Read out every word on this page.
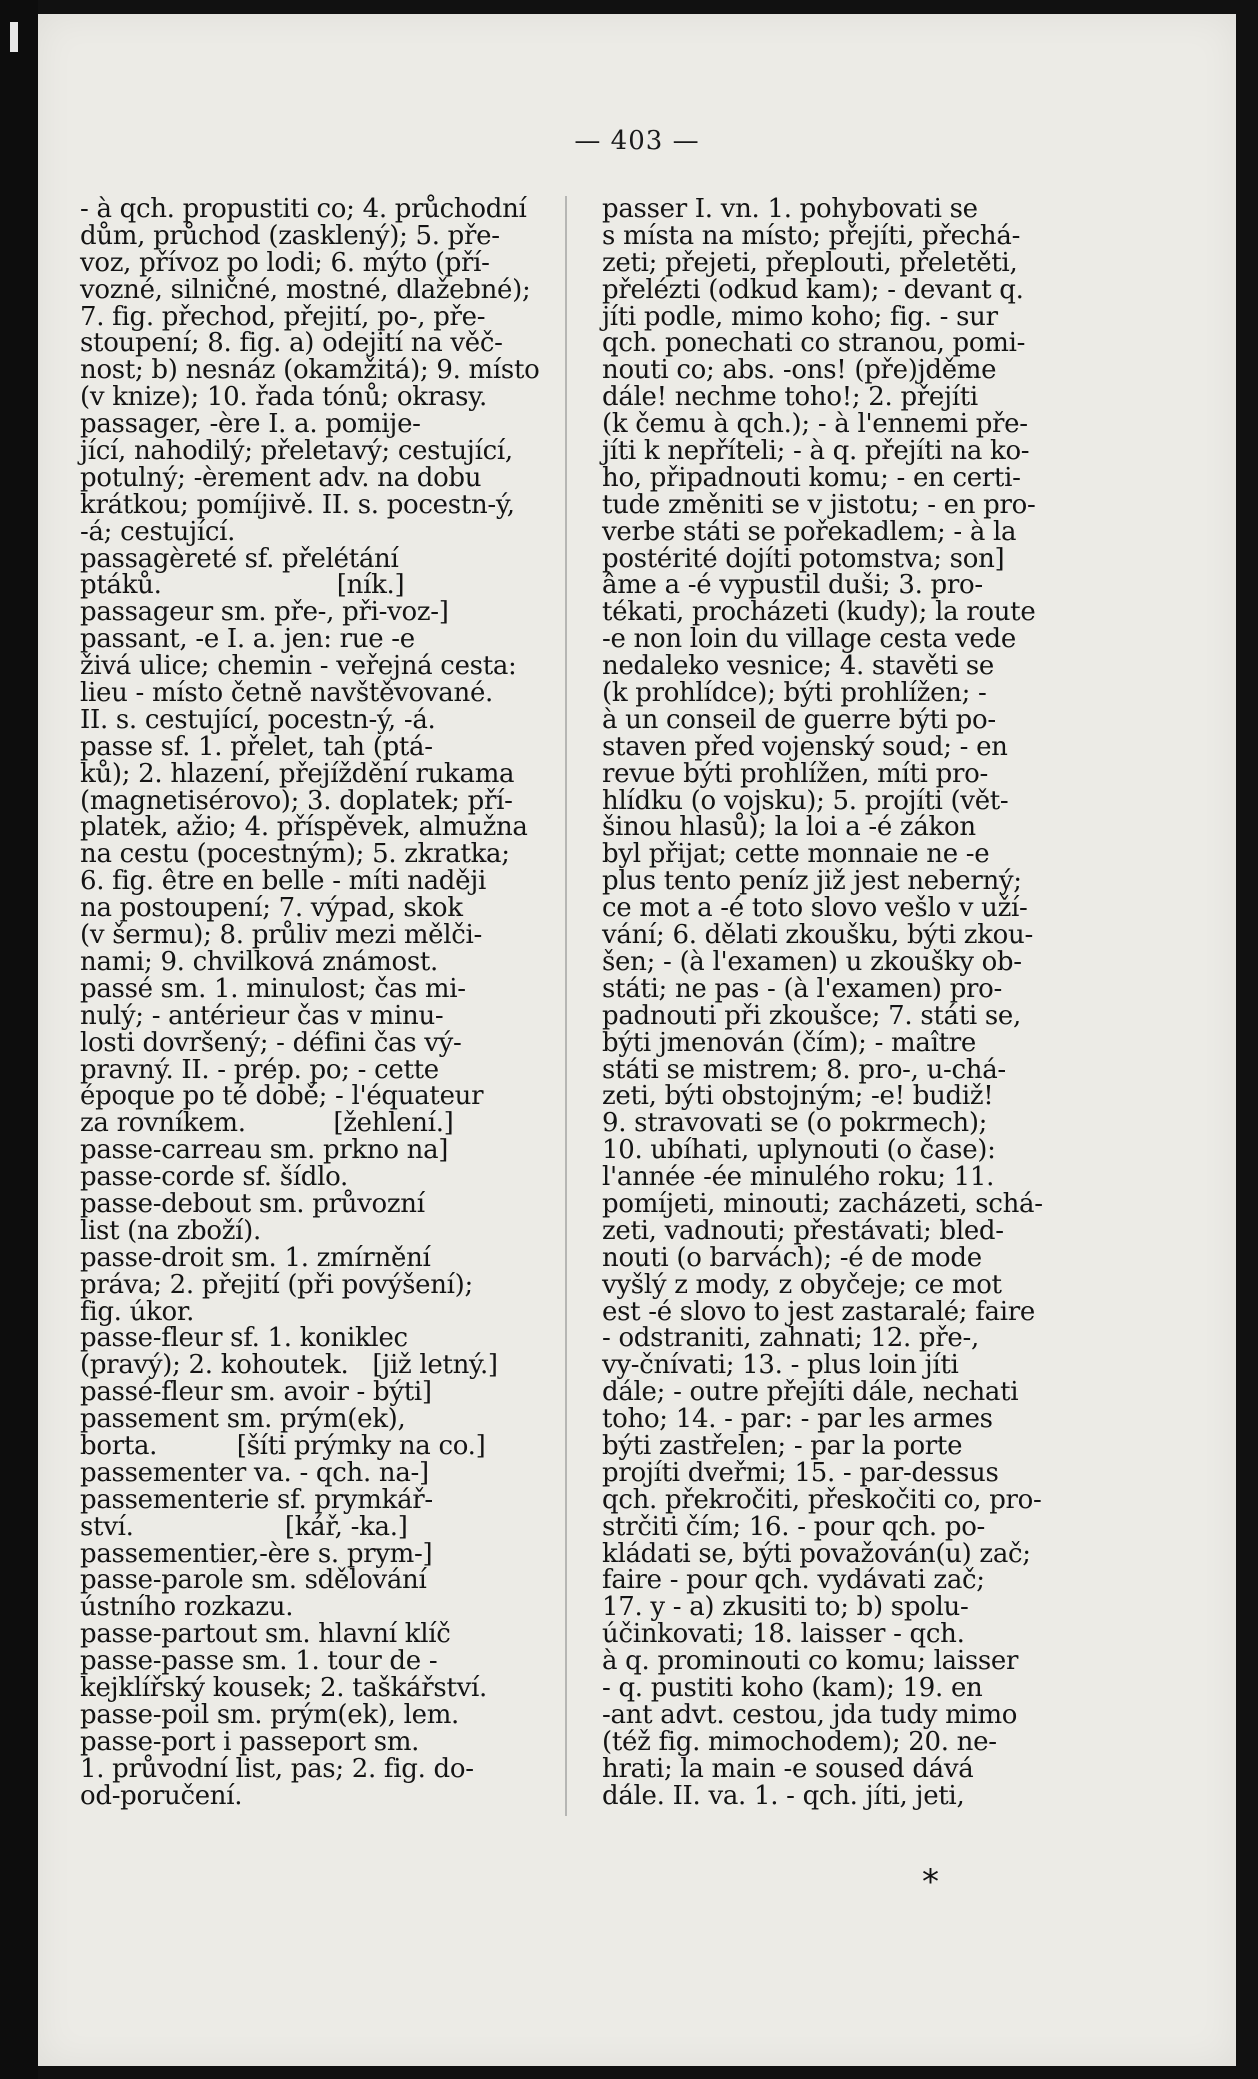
— 403 —
- à qch. propustiti co; 4. průchodní
dům, průchod (zasklený); 5. pře-
voz, přívoz po lodi; 6. mýto (pří-
vozné, silničné, mostné, dlažebné);
7. fig. přechod, přejití, po-, pře-
stoupení; 8. fig. a) odejití na věč-
nost; b) nesnáz (okamžitá); 9. místo
(v knize); 10. řada tónů; okrasy.
passager, -ère I. a. pomije-
jící, nahodilý; přeletavý; cestující,
potulný; -èrement adv. na dobu
krátkou; pomíjivě. II. s. pocestn-ý,
-á; cestující.
passagèreté sf. přelétání
ptáků.                      [ník.]
passageur sm. pře-, při-voz-]
passant, -e I. a. jen: rue -e
živá ulice; chemin - veřejná cesta:
lieu - místo četně navštěvované.
II. s. cestující, pocestn-ý, -á.
passe sf. 1. přelet, tah (ptá-
ků); 2. hlazení, přejíždění rukama
(magnetisérovo); 3. doplatek; pří-
platek, ažio; 4. příspěvek, almužna
na cestu (pocestným); 5. zkratka;
6. fig. être en belle - míti naději
na postoupení; 7. výpad, skok
(v šermu); 8. průliv mezi mělči-
nami; 9. chvilková známost.
passé sm. 1. minulost; čas mi-
nulý; - antérieur čas v minu-
losti dovršený; - défini čas vý-
pravný. II. - prép. po; - cette
époque po té době; - l'équateur
za rovníkem.           [žehlení.]
passe-carreau sm. prkno na]
passe-corde sf. šídlo.
passe-debout sm. průvozní
list (na zboží).
passe-droit sm. 1. zmírnění
práva; 2. přejití (při povýšení);
fig. úkor.
passe-fleur sf. 1. koniklec
(pravý); 2. kohoutek.   [již letný.]
passé-fleur sm. avoir - býti]
passement sm. prým(ek),
borta.          [šíti prýmky na co.]
passementer va. - qch. na-]
passementerie sf. prymkář-
ství.                   [kář, -ka.]
passementier,-ère s. prym-]
passe-parole sm. sdělování
ústního rozkazu.
passe-partout sm. hlavní klíč
passe-passe sm. 1. tour de -
kejklířský kousek; 2. taškářství.
passe-poil sm. prým(ek), lem.
passe-port i passeport sm.
1. průvodní list, pas; 2. fig. do-
od-poručení.
passer I. vn. 1. pohybovati se
s místa na místo; přejíti, přechá-
zeti; přejeti, přeplouti, přeletěti,
přelézti (odkud kam); - devant q.
jíti podle, mimo koho; fig. - sur
qch. ponechati co stranou, pomi-
nouti co; abs. -ons! (pře)jděme
dále! nechme toho!; 2. přejíti
(k čemu à qch.); - à l'ennemi pře-
jíti k nepříteli; - à q. přejíti na ko-
ho, připadnouti komu; - en certi-
tude změniti se v jistotu; - en pro-
verbe státi se pořekadlem; - à la
postérité dojíti potomstva; son]
âme a -é vypustil duši; 3. pro-
tékati, procházeti (kudy); la route
-e non loin du village cesta vede
nedaleko vesnice; 4. stavěti se
(k prohlídce); býti prohlížen; -
à un conseil de guerre býti po-
staven před vojenský soud; - en
revue býti prohlížen, míti pro-
hlídku (o vojsku); 5. projíti (vět-
šinou hlasů); la loi a -é zákon
byl přijat; cette monnaie ne -e
plus tento peníz již jest neberný;
ce mot a -é toto slovo vešlo v uží-
vání; 6. dělati zkoušku, býti zkou-
šen; - (à l'examen) u zkoušky ob-
státi; ne pas - (à l'examen) pro-
padnouti při zkoušce; 7. státi se,
býti jmenován (čím); - maître
státi se mistrem; 8. pro-, u-chá-
zeti, býti obstojným; -e! budiž!
9. stravovati se (o pokrmech);
10. ubíhati, uplynouti (o čase):
l'année -ée minulého roku; 11.
pomíjeti, minouti; zacházeti, schá-
zeti, vadnouti; přestávati; bled-
nouti (o barvách); -é de mode
vyšlý z mody, z obyčeje; ce mot
est -é slovo to jest zastaralé; faire
- odstraniti, zahnati; 12. pře-,
vy-čnívati; 13. - plus loin jíti
dále; - outre přejíti dále, nechati
toho; 14. - par: - par les armes
býti zastřelen; - par la porte
projíti dveřmi; 15. - par-dessus
qch. překročiti, přeskočiti co, pro-
strčiti čím; 16. - pour qch. po-
kládati se, býti považován(u) zač;
faire - pour qch. vydávati zač;
17. y - a) zkusiti to; b) spolu-
účinkovati; 18. laisser - qch.
à q. prominouti co komu; laisser
- q. pustiti koho (kam); 19. en
-ant advt. cestou, jda tudy mimo
(též fig. mimochodem); 20. ne-
hrati; la main -e soused dává
dále. II. va. 1. - qch. jíti, jeti,
*
